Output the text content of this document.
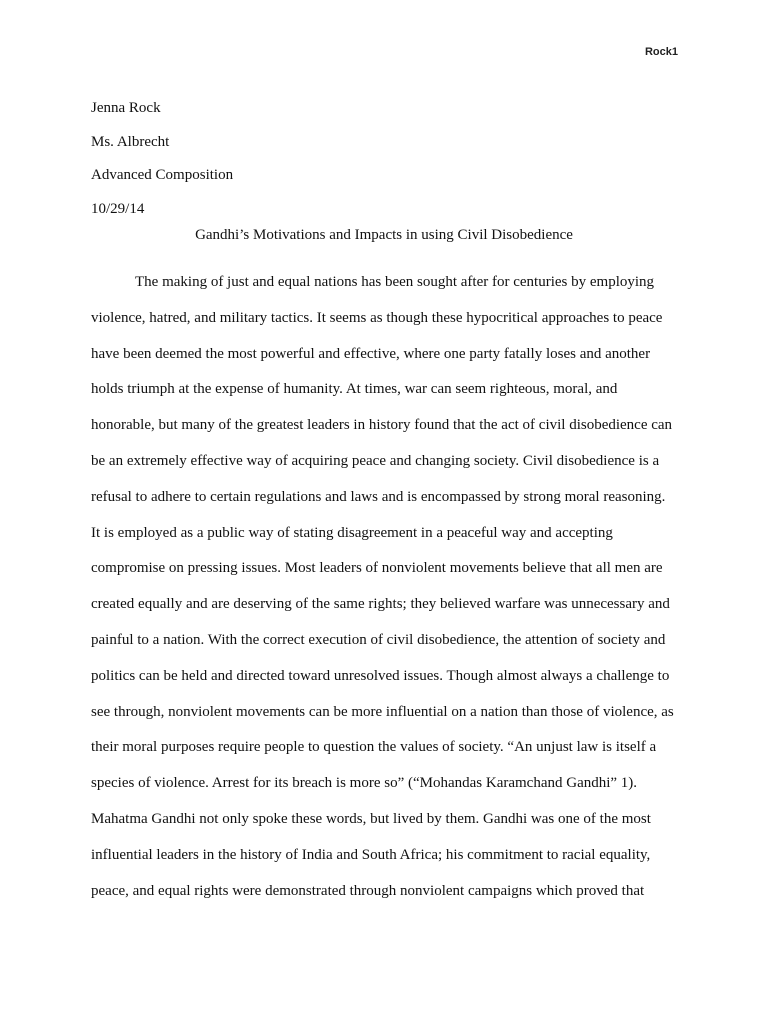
Rock1
Jenna Rock
Ms. Albrecht
Advanced Composition
10/29/14
Gandhi’s Motivations and Impacts in using Civil Disobedience
The making of just and equal nations has been sought after for centuries by employing
violence, hatred, and military tactics. It seems as though these hypocritical approaches to peace
have been deemed the most powerful and effective, where one party fatally loses and another
holds triumph at the expense of humanity. At times, war can seem righteous, moral, and
honorable, but many of the greatest leaders in history found that the act of civil disobedience can
be an extremely effective way of acquiring peace and changing society. Civil disobedience is a
refusal to adhere to certain regulations and laws and is encompassed by strong moral reasoning.
It is employed as a public way of stating disagreement in a peaceful way and accepting
compromise on pressing issues. Most leaders of nonviolent movements believe that all men are
created equally and are deserving of the same rights; they believed warfare was unnecessary and
painful to a nation. With the correct execution of civil disobedience, the attention of society and
politics can be held and directed toward unresolved issues. Though almost always a challenge to
see through, nonviolent movements can be more influential on a nation than those of violence, as
their moral purposes require people to question the values of society. “An unjust law is itself a
species of violence. Arrest for its breach is more so” (“Mohandas Karamchand Gandhi” 1).
Mahatma Gandhi not only spoke these words, but lived by them. Gandhi was one of the most
influential leaders in the history of India and South Africa; his commitment to racial equality,
peace, and equal rights were demonstrated through nonviolent campaigns which proved that
